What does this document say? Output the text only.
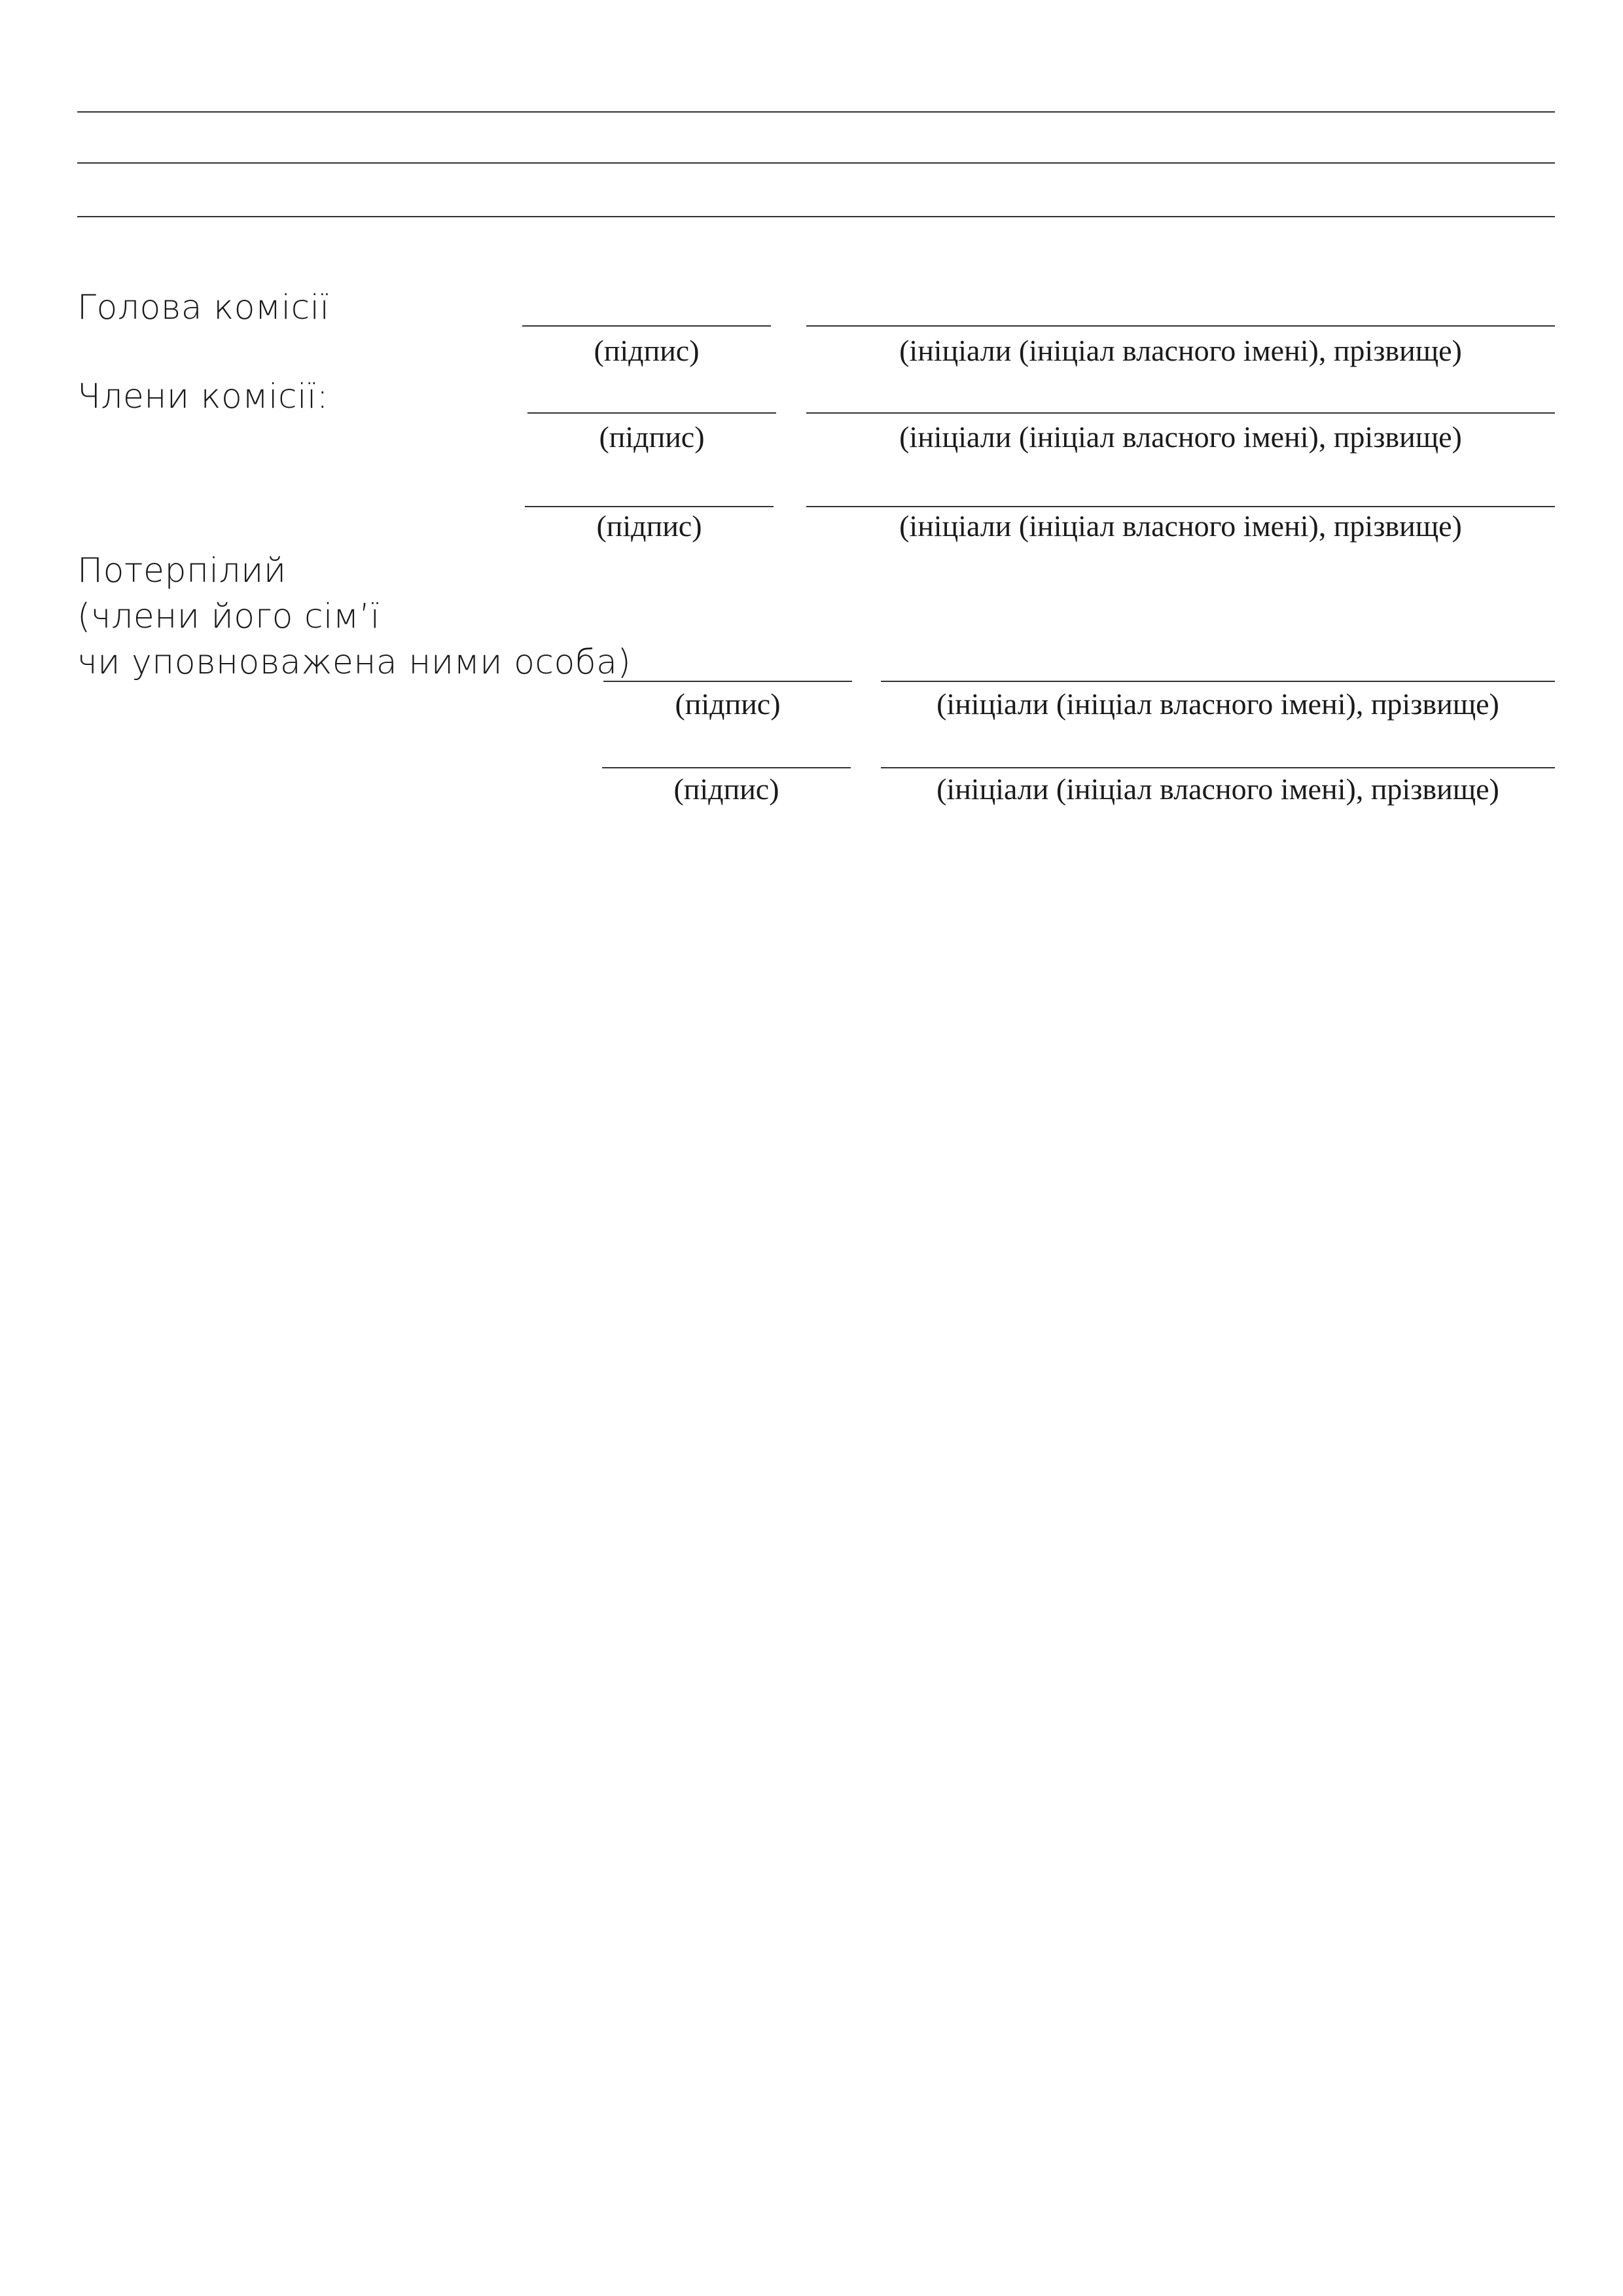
Голова комісії
(підпис)	(ініціали (ініціал власного імені), прізвище)
Члени комісії:
(підпис)	(ініціали (ініціал власного імені), прізвище)
(підпис)	(ініціали (ініціал власного імені), прізвище)
Потерпілий
(члени його сім’ї
чи уповноважена ними особа)
(підпис)	(ініціали (ініціал власного імені), прізвище)
(підпис)	(ініціали (ініціал власного імені), прізвище)
